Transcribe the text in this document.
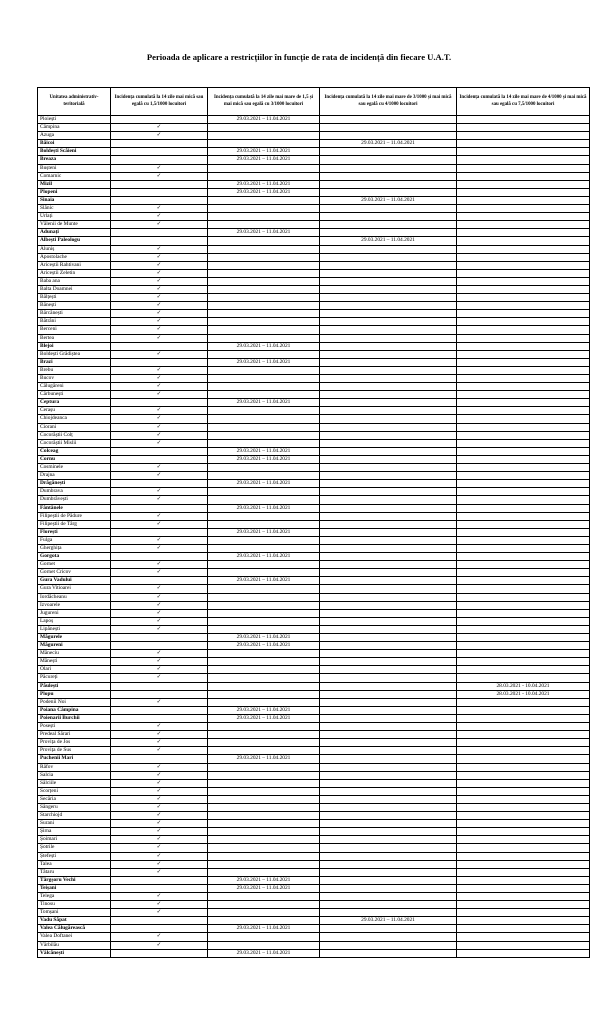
Perioada de aplicare a restricțiilor în funcție de rata de incidență din fiecare U.A.T.
Unitatea administrativ-teritorială	Incidența cumulată la 14 zile mai mică sau egală cu 1,5/1000 locuitori	Incidența cumulată la 14 zile mai mare de 1,5 și mai mică sau egală cu 3/1000 locuitori	Incidența cumulată la 14 zile mai mare de 3/1000 și mai mică sau egală cu 4/1000 locuitori	Incidența cumulată la 14 zile mai mare de 4/1000 și mai mică sau egală cu 7,5/1000 locuitori
Ploiești		29.03.2021 – 11.04.2021		
Câmpina	✓			
Azuga	✓			
Băicoi			29.03.2021 – 11.04.2021	
Boldești Scăieni		29.03.2021 – 11.04.2021		
Breaza		29.03.2021 – 11.04.2021		
Bușteni	✓			
Comarnic	✓			
Mizil		29.03.2021 – 11.04.2021		
Plopeni		29.03.2021 – 11.04.2021		
Sinaia			29.03.2021 – 11.04.2021	
Slănic	✓			
Urlați	✓			
Vălenii de Munte	✓			
Adunați		29.03.2021 – 11.04.2021		
Albești Paleologu			29.03.2021 – 11.04.2021	
Aluniș	✓			
Apostolache	✓			
Ariceștii Rahtivani	✓			
Ariceștii Zeletin	✓			
Baba ana	✓			
Balta Doamnei	✓			
Bălțești	✓			
Bănești	✓			
Bărcănești	✓			
Bătrâni	✓			
Berceni	✓			
Bertea	✓			
Blejoi		29.03.2021 – 11.04.2021		
Boldești Grădiștea	✓			
Brazi		29.03.2021 – 11.04.2021		
Brebu	✓			
Bucov	✓			
Călugăreni	✓			
Cărbunești	✓			
Ceptura		29.03.2021 – 11.04.2021		
Cerașu	✓			
Chiojdeanca	✓			
Ciorani	✓			
Cocorăștii Colț	✓			
Cocorăștii Mislii	✓			
Colceag		29.03.2021 – 11.04.2021		
Cornu		29.03.2021 – 11.04.2021		
Cosminele	✓			
Drajna	✓			
Drăgănești		29.03.2021 – 11.04.2021		
Dumbrava	✓			
Dumbrăvești	✓			
Fântânele		29.03.2021 – 11.04.2021		
Filipeștii de Pădure	✓			
Filipeștii de Târg	✓			
Florești		29.03.2021 – 11.04.2021		
Fulga	✓			
Gherghița	✓			
Gorgota		29.03.2021 – 11.04.2021		
Gornet	✓			
Gornet Cricov	✓			
Gura Vadului		29.03.2021 – 11.04.2021		
Gura Vitioarei	✓			
Iordăcheanu	✓			
Izvoarele	✓			
Jugureni	✓			
Lapoș	✓			
Lipănești	✓			
Măgurele		29.03.2021 – 11.04.2021		
Măgureni		29.03.2021 – 11.04.2021		
Măneciu	✓			
Mănești	✓			
Olari	✓			
Păcureți	✓			
Păulești				28.03.2021 - 10.04.2021
Plopu				28.03.2021 - 10.04.2021
Podenii Noi	✓			
Poiana Câmpina		29.03.2021 – 11.04.2021		
Poienarii Burchii		29.03.2021 – 11.04.2021		
Posești	✓			
Predeal Sărari	✓			
Provița de Jos	✓			
Provița de Sus	✓			
Puchenii Mari		29.03.2021 – 11.04.2021		
Râfov	✓			
Salcia	✓			
Sălciile	✓			
Scorțeni	✓			
Secăria	✓			
Sângeru	✓			
Starchiojd	✓			
Surani	✓			
Șirna	✓			
Șoimari	✓			
Șotrile	✓			
Ștefești	✓			
Talea	✓			
Tătaru	✓			
Târgșoru Vechi		29.03.2021 – 11.04.2021		
Teișani		29.03.2021 – 11.04.2021		
Telega	✓			
Tinosu	✓			
Tomșani	✓			
Vadu Săpat			29.03.2021 – 11.04.2021	
Valea Călugărească		29.03.2021 – 11.04.2021		
Valea Doftanei	✓			
Vărbilău	✓			
Vâlcănești		29.03.2021 – 11.04.2021		
